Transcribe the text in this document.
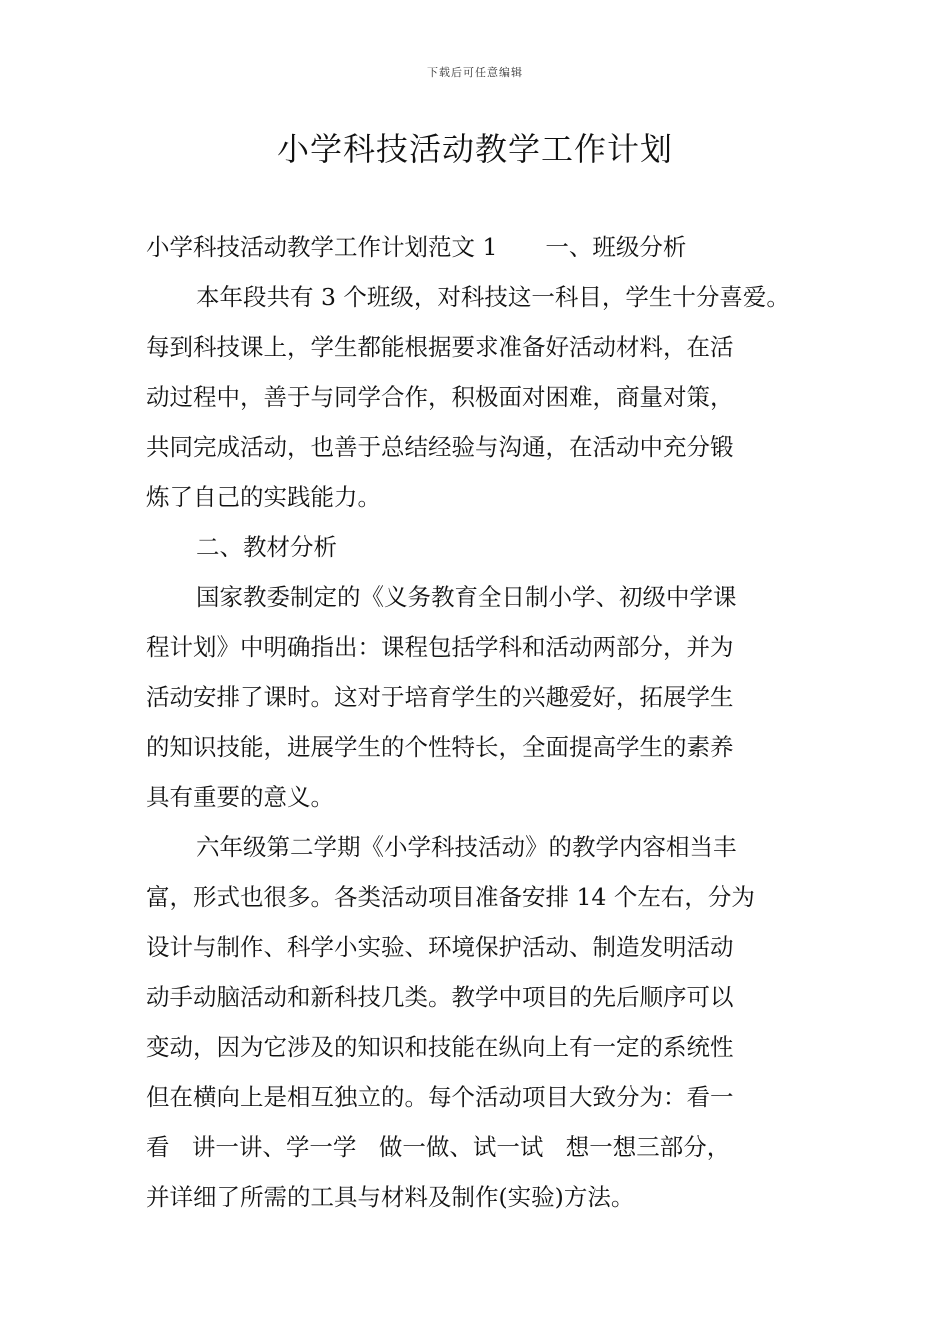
下载后可任意编辑
小学科技活动教学工作计划
小学科技活动教学工作计划范文 1 一、班级分析
本年段共有 3 个班级，对科技这一科目，学生十分喜爱。
每到科技课上，学生都能根据要求准备好活动材料，在活
动过程中，善于与同学合作，积极面对困难，商量对策，
共同完成活动，也善于总结经验与沟通，在活动中充分锻
炼了自己的实践能力。
二、教材分析
国家教委制定的《义务教育全日制小学、初级中学课
程计划》中明确指出：课程包括学科和活动两部分，并为
活动安排了课时。这对于培育学生的兴趣爱好，拓展学生
的知识技能，进展学生的个性特长，全面提高学生的素养
具有重要的意义。
六年级第二学期《小学科技活动》的教学内容相当丰
富，形式也很多。各类活动项目准备安排 14 个左右，分为
设计与制作、科学小实验、环境保护活动、制造发明活动
动手动脑活动和新科技几类。教学中项目的先后顺序可以
变动，因为它涉及的知识和技能在纵向上有一定的系统性
但在横向上是相互独立的。每个活动项目大致分为：看一
看   讲一讲、学一学   做一做、试一试   想一想三部分，
并详细了所需的工具与材料及制作(实验)方法。
